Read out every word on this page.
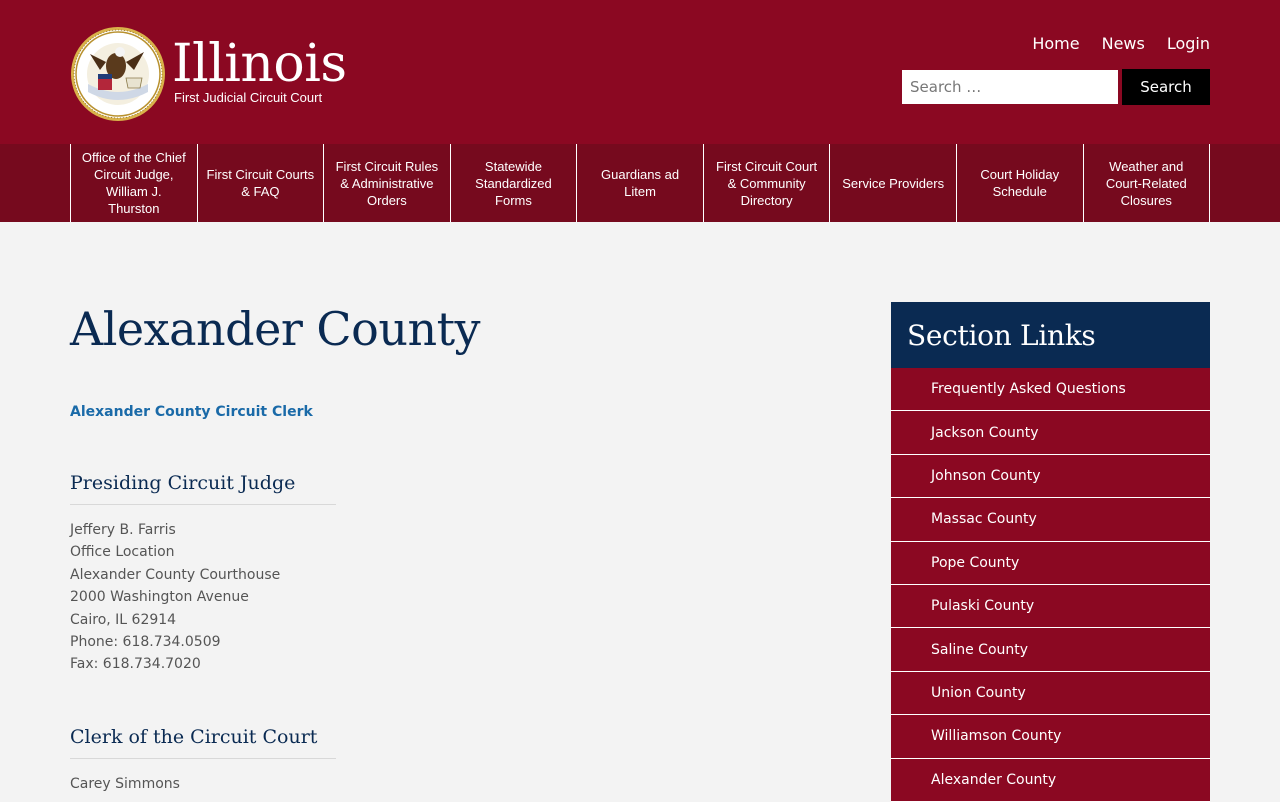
Illinois
First Judicial Circuit Court
Home News Login
Search …
Search
Office of the Chief Circuit Judge, William J. Thurston
First Circuit Courts & FAQ
First Circuit Rules & Administrative Orders
Statewide Standardized Forms
Guardians ad Litem
First Circuit Court & Community Directory
Service Providers
Court Holiday Schedule
Weather and Court-Related Closures
Alexander County
Alexander County Circuit Clerk
Presiding Circuit Judge
Jeffery B. Farris
Office Location
Alexander County Courthouse
2000 Washington Avenue
Cairo, IL 62914
Phone: 618.734.0509
Fax: 618.734.7020
Clerk of the Circuit Court
Carey Simmons
Section Links
Frequently Asked Questions
Jackson County
Johnson County
Massac County
Pope County
Pulaski County
Saline County
Union County
Williamson County
Alexander County
